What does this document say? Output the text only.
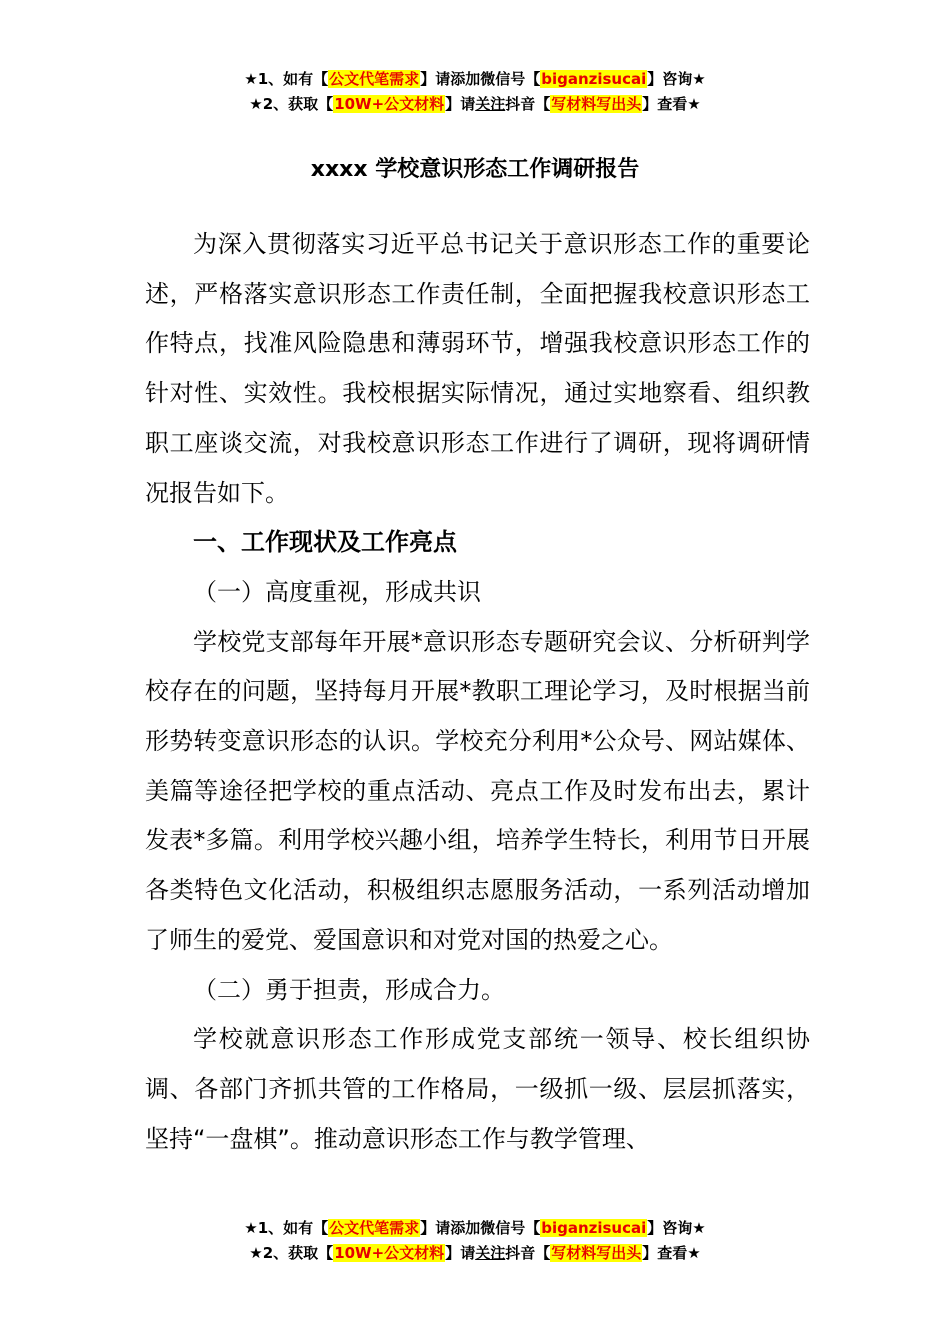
★1、如有【公文代笔需求】请添加微信号【biganzisucai】咨询★
★2、获取【10W+公文材料】请关注抖音【写材料写出头】查看★
xxxx 学校意识形态工作调研报告

为深入贯彻落实习近平总书记关于意识形态工作的重要论述，严格落实意识形态工作责任制，全面把握我校意识形态工作特点，找准风险隐患和薄弱环节，增强我校意识形态工作的针对性、实效性。我校根据实际情况，通过实地察看、组织教职工座谈交流，对我校意识形态工作进行了调研，现将调研情况报告如下。

一、工作现状及工作亮点

（一）高度重视，形成共识

学校党支部每年开展*意识形态专题研究会议、分析研判学校存在的问题，坚持每月开展*教职工理论学习，及时根据当前形势转变意识形态的认识。学校充分利用*公众号、网站媒体、美篇等途径把学校的重点活动、亮点工作及时发布出去，累计发表*多篇。利用学校兴趣小组，培养学生特长，利用节日开展各类特色文化活动，积极组织志愿服务活动，一系列活动增加了师生的爱党、爱国意识和对党对国的热爱之心。

（二）勇于担责，形成合力。

学校就意识形态工作形成党支部统一领导、校长组织协调、各部门齐抓共管的工作格局，一级抓一级、层层抓落实，坚持“一盘棋”。推动意识形态工作与教学管理、

★1、如有【公文代笔需求】请添加微信号【biganzisucai】咨询★
★2、获取【10W+公文材料】请关注抖音【写材料写出头】查看★
